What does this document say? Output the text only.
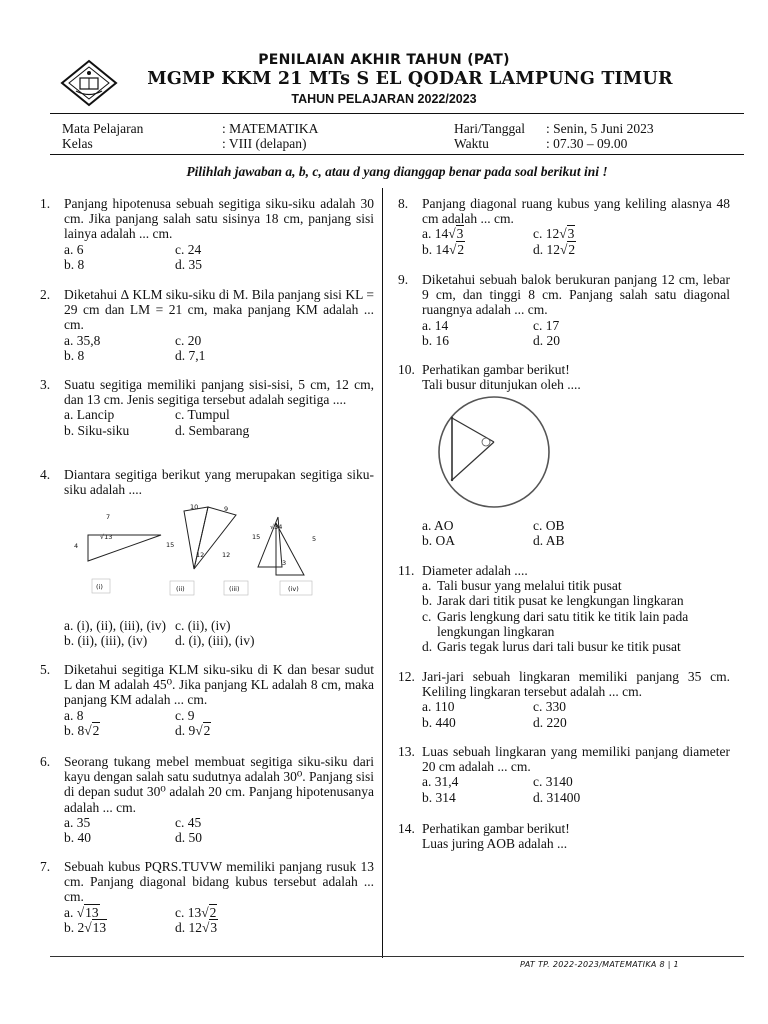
PENILAIAN AKHIR TAHUN (PAT)
MGMP KKM 21 MTs S EL QODAR LAMPUNG TIMUR
TAHUN PELAJARAN 2022/2023
Mata Pelajaran	: MATEMATIKA
Kelas	: VIII (delapan)
Hari/Tanggal : Senin, 5 Juni 2023
Waktu	: 07.30 – 09.00
Pilihlah jawaban a, b, c, atau d yang dianggap benar pada soal berikut ini !
1. Panjang hipotenusa sebuah segitiga siku-siku adalah 30 cm. Jika panjang salah satu sisinya 18 cm, panjang sisi lainya adalah ... cm.
a. 6	c. 24
b. 8	d. 35
2. Diketahui ∆ KLM siku-siku di M. Bila panjang sisi KL = 29 cm dan LM = 21 cm, maka panjang KM adalah ... cm.
a. 35,8	c. 20
b. 8	d. 7,1
3. Suatu segitiga memiliki panjang sisi-sisi, 5 cm, 12 cm, dan 13 cm. Jenis segitiga tersebut adalah segitiga ....
a. Lancip	c. Tumpul
b. Siku-siku	d. Sembarang
4. Diantara segitiga berikut yang merupakan segitiga siku-siku adalah ....
7
4
√13
10	9
15
12	12
√34
15	5
3
(i)	(ii)	(iii)	(iv)
a. (i), (ii), (iii), (iv) c. (ii), (iv)
b. (ii), (iii), (iv)	d. (i), (iii), (iv)
5. Diketahui segitiga KLM siku-siku di K dan besar sudut L dan M adalah 45⁰. Jika panjang KL adalah 8 cm, maka panjang KM adalah ... cm.
a. 8	c. 9
b. 8√2	d. 9√2
6. Seorang tukang mebel membuat segitiga siku-siku dari kayu dengan salah satu sudutnya adalah 30⁰. Panjang sisi di depan sudut 30⁰ adalah 20 cm. Panjang hipotenusanya adalah ... cm.
a. 35	c. 45
b. 40	d. 50
7. Sebuah kubus PQRS.TUVW memiliki panjang rusuk 13 cm. Panjang diagonal bidang kubus tersebut adalah ... cm.
a. √13	c. 13√2
b. 2√13	d. 12√3
8. Panjang diagonal ruang kubus yang keliling alasnya 48 cm adalah ... cm.
a. 14√3	c. 12√3
b. 14√2	d. 12√2
9. Diketahui sebuah balok berukuran panjang 12 cm, lebar 9 cm, dan tinggi 8 cm. Panjang salah satu diagonal ruangnya adalah ... cm.
a. 14	c. 17
b. 16	d. 20
10. Perhatikan gambar berikut!
Tali busur ditunjukan oleh ....
a. AO	c. OB
b. OA	d. AB
11. Diameter adalah ....
a. Tali busur yang melalui titik pusat
b. Jarak dari titik pusat ke lengkungan lingkaran
c. Garis lengkung dari satu titik ke titik lain pada lengkungan lingkaran
d. Garis tegak lurus dari tali busur ke titik pusat
12. Jari-jari sebuah lingkaran memiliki panjang 35 cm. Keliling lingkaran tersebut adalah ... cm.
a. 110	c. 330
b. 440	d. 220
13. Luas sebuah lingkaran yang memiliki panjang diameter 20 cm adalah ... cm.
a. 31,4	c. 3140
b. 314	d. 31400
14. Perhatikan gambar berikut!
Luas juring AOB adalah ...
PAT TP. 2022-2023/MATEMATIKA 8 | 1
